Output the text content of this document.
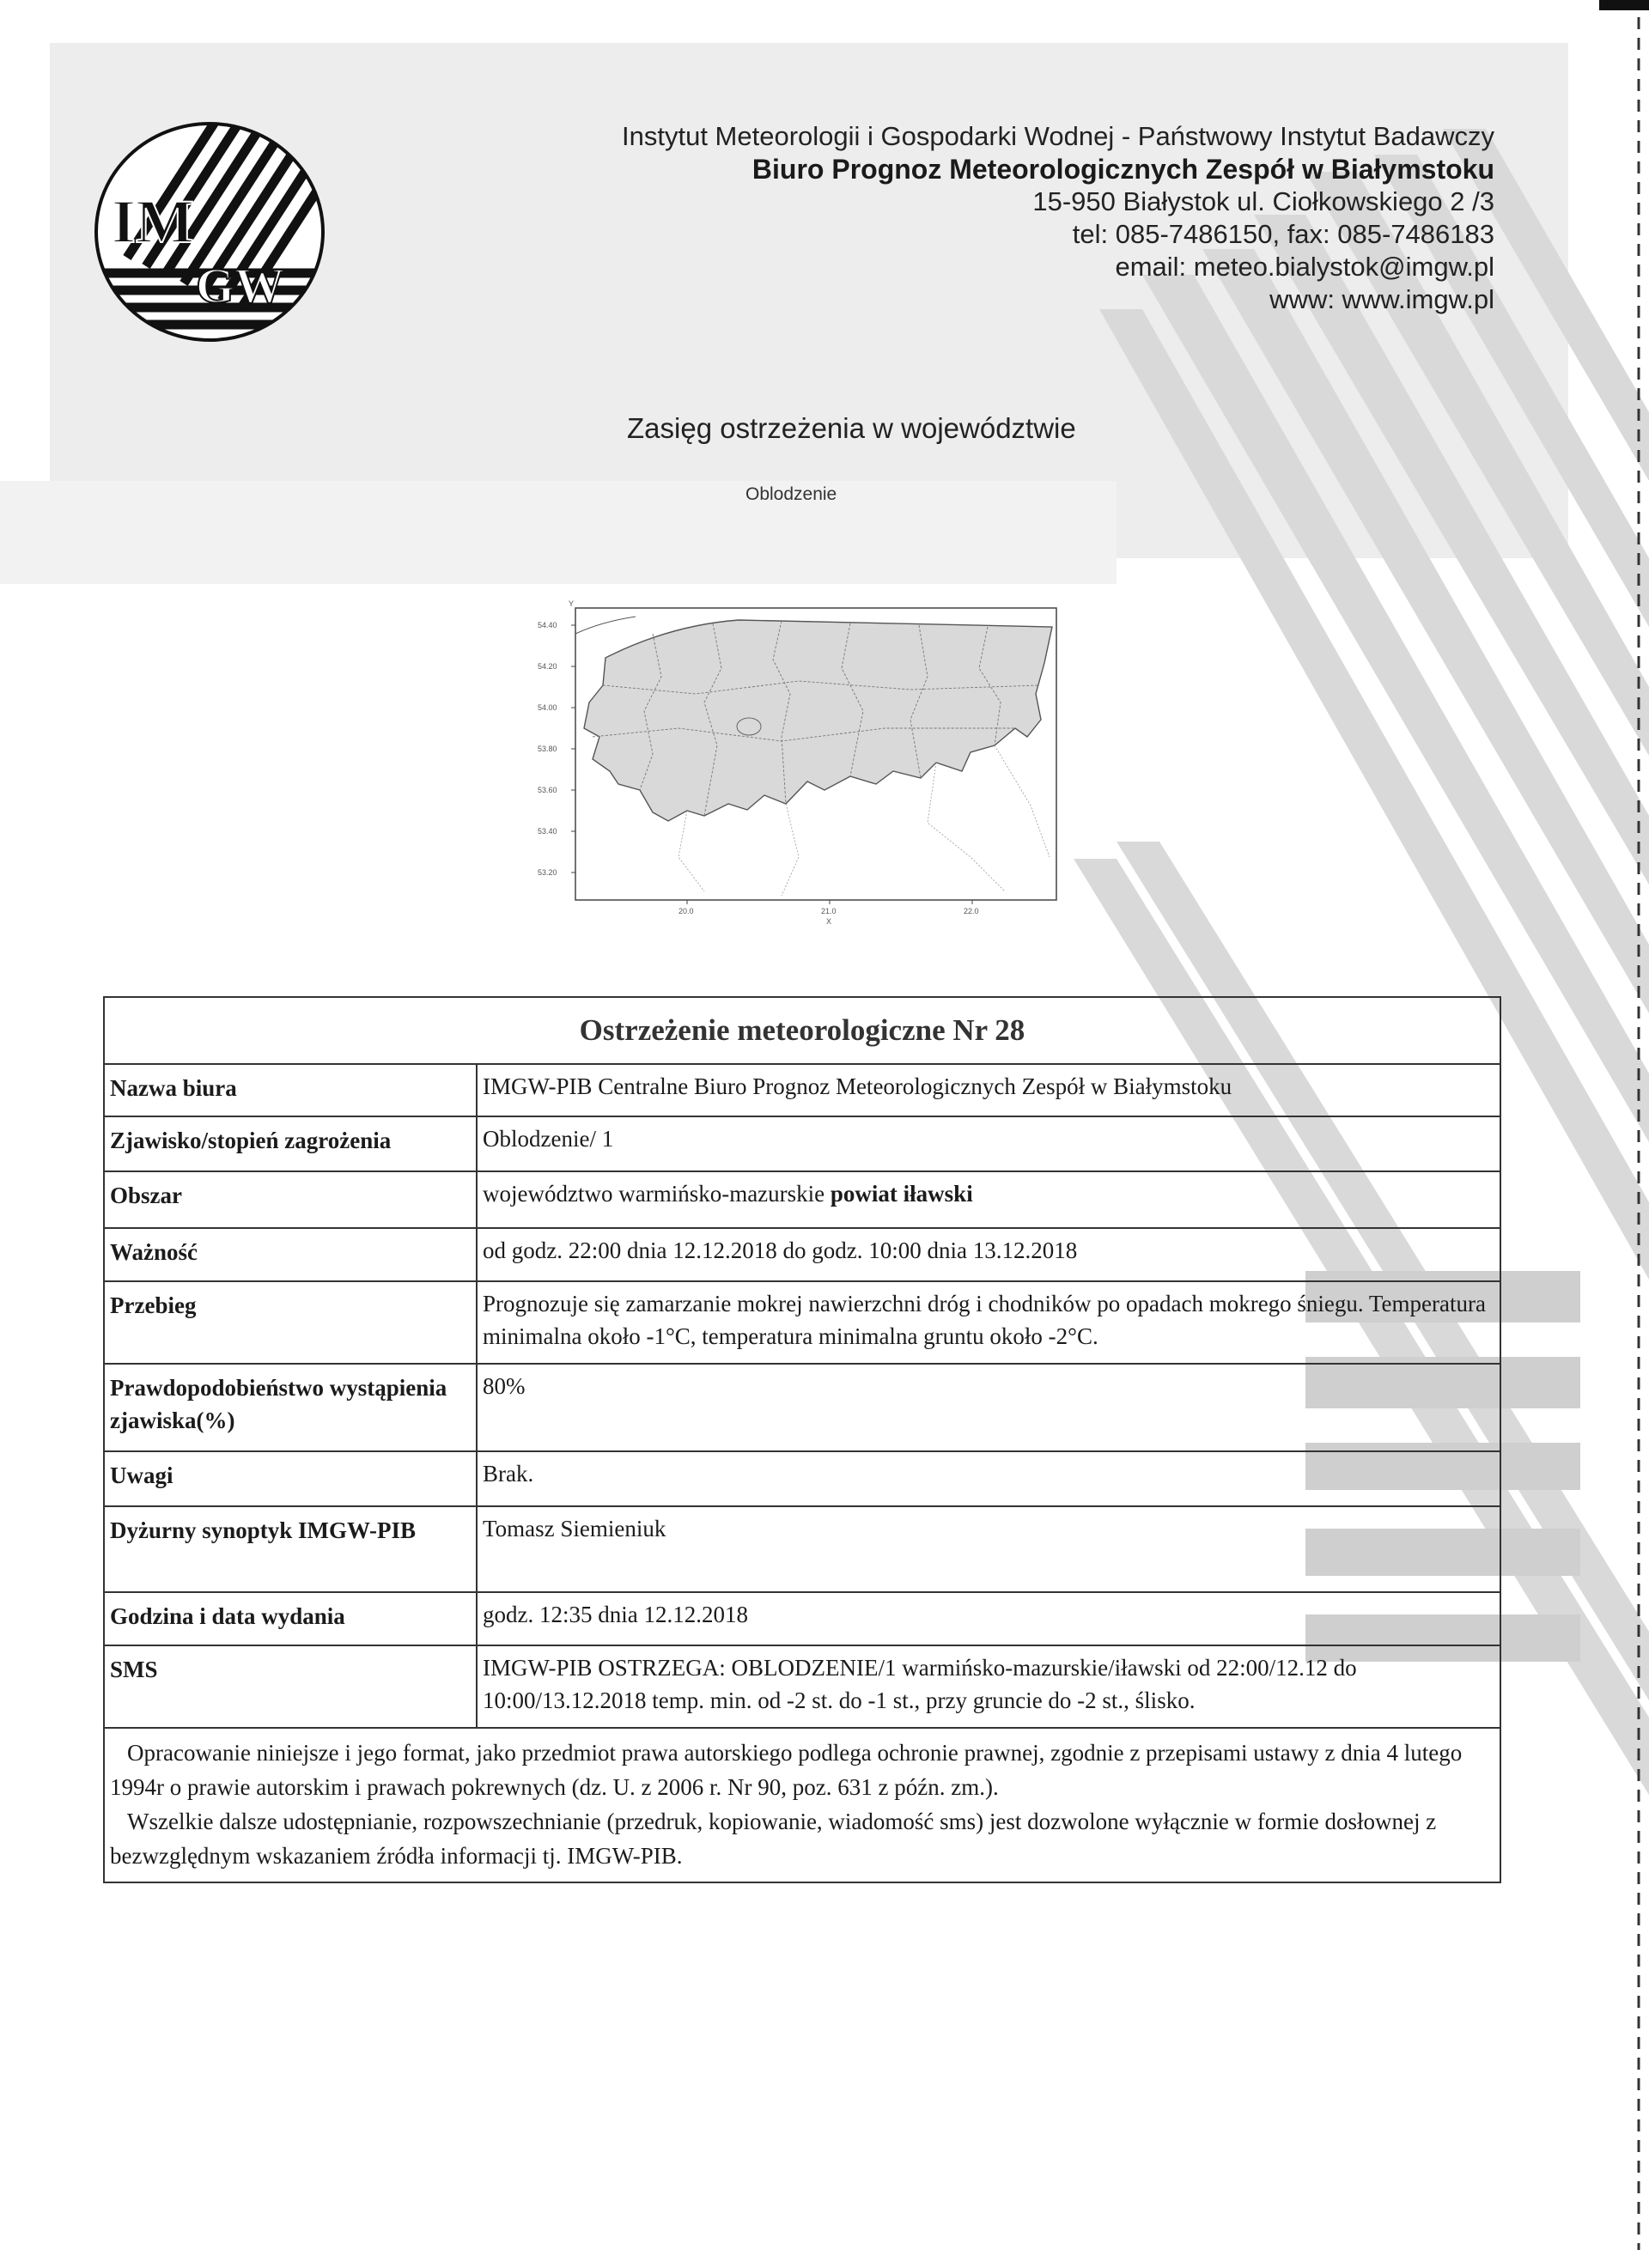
IM
GW
Instytut Meteorologii i Gospodarki Wodnej - Państwowy Instytut Badawczy
Biuro Prognoz Meteorologicznych Zespół w Białymstoku
15-950 Białystok ul. Ciołkowskiego 2 /3
tel: 085-7486150, fax: 085-7486183
email: meteo.bialystok@imgw.pl
www: www.imgw.pl
Zasięg ostrzeżenia w województwie
Oblodzenie
Y
54.40
54.20
54.00
53.80
53.60
53.40
53.20
20.0	21.0	22.0
X
Ostrzeżenie meteorologiczne Nr 28
Nazwa biura	IMGW-PIB Centralne Biuro Prognoz Meteorologicznych Zespół w Białymstoku
Zjawisko/stopień zagrożenia	Oblodzenie/ 1
Obszar	województwo warmińsko-mazurskie powiat iławski
Ważność	od godz. 22:00 dnia 12.12.2018 do godz. 10:00 dnia 13.12.2018
Przebieg	Prognozuje się zamarzanie mokrej nawierzchni dróg i chodników po opadach mokrego śniegu. Temperatura minimalna około -1°C, temperatura minimalna gruntu około -2°C.
Prawdopodobieństwo wystąpienia zjawiska(%)	80%
Uwagi	Brak.
Dyżurny synoptyk IMGW-PIB	Tomasz Siemieniuk
Godzina i data wydania	godz. 12:35 dnia 12.12.2018
SMS	IMGW-PIB OSTRZEGA: OBLODZENIE/1 warmińsko-mazurskie/iławski od 22:00/12.12 do 10:00/13.12.2018 temp. min. od -2 st. do -1 st., przy gruncie do -2 st., ślisko.

Opracowanie niniejsze i jego format, jako przedmiot prawa autorskiego podlega ochronie prawnej, zgodnie z przepisami ustawy z dnia 4 lutego 1994r o prawie autorskim i prawach pokrewnych (dz. U. z 2006 r. Nr 90, poz. 631 z późn. zm.).

Wszelkie dalsze udostępnianie, rozpowszechnianie (przedruk, kopiowanie, wiadomość sms) jest dozwolone wyłącznie w formie dosłownej z bezwzględnym wskazaniem źródła informacji tj. IMGW-PIB.
